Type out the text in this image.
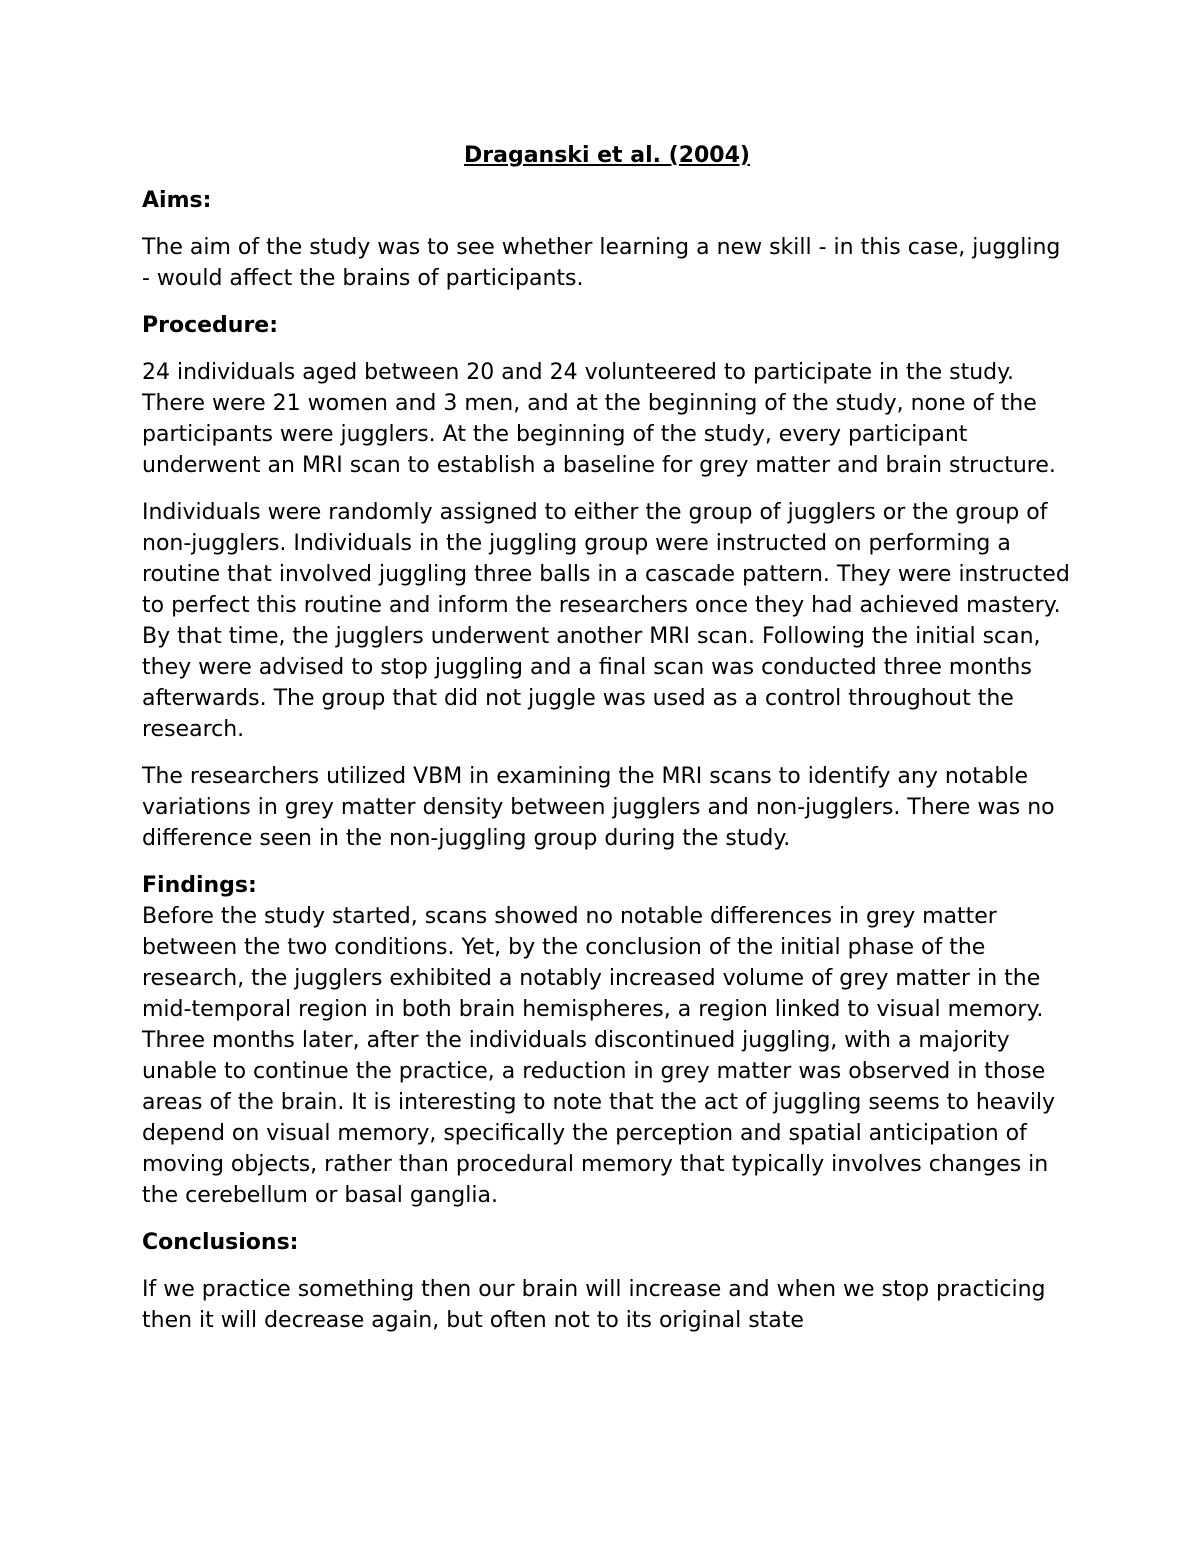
Draganski et al. (2004)
Aims:
The aim of the study was to see whether learning a new skill - in this case, juggling - would affect the brains of participants.
Procedure:
24 individuals aged between 20 and 24 volunteered to participate in the study. There were 21 women and 3 men, and at the beginning of the study, none of the participants were jugglers. At the beginning of the study, every participant underwent an MRI scan to establish a baseline for grey matter and brain structure.
Individuals were randomly assigned to either the group of jugglers or the group of non-jugglers. Individuals in the juggling group were instructed on performing a routine that involved juggling three balls in a cascade pattern. They were instructed to perfect this routine and inform the researchers once they had achieved mastery. By that time, the jugglers underwent another MRI scan. Following the initial scan, they were advised to stop juggling and a final scan was conducted three months afterwards. The group that did not juggle was used as a control throughout the research.
The researchers utilized VBM in examining the MRI scans to identify any notable variations in grey matter density between jugglers and non-jugglers. There was no difference seen in the non-juggling group during the study.
Findings:
Before the study started, scans showed no notable differences in grey matter between the two conditions. Yet, by the conclusion of the initial phase of the research, the jugglers exhibited a notably increased volume of grey matter in the mid-temporal region in both brain hemispheres, a region linked to visual memory. Three months later, after the individuals discontinued juggling, with a majority unable to continue the practice, a reduction in grey matter was observed in those areas of the brain. It is interesting to note that the act of juggling seems to heavily depend on visual memory, specifically the perception and spatial anticipation of moving objects, rather than procedural memory that typically involves changes in the cerebellum or basal ganglia.
Conclusions:
If we practice something then our brain will increase and when we stop practicing then it will decrease again, but often not to its original state
